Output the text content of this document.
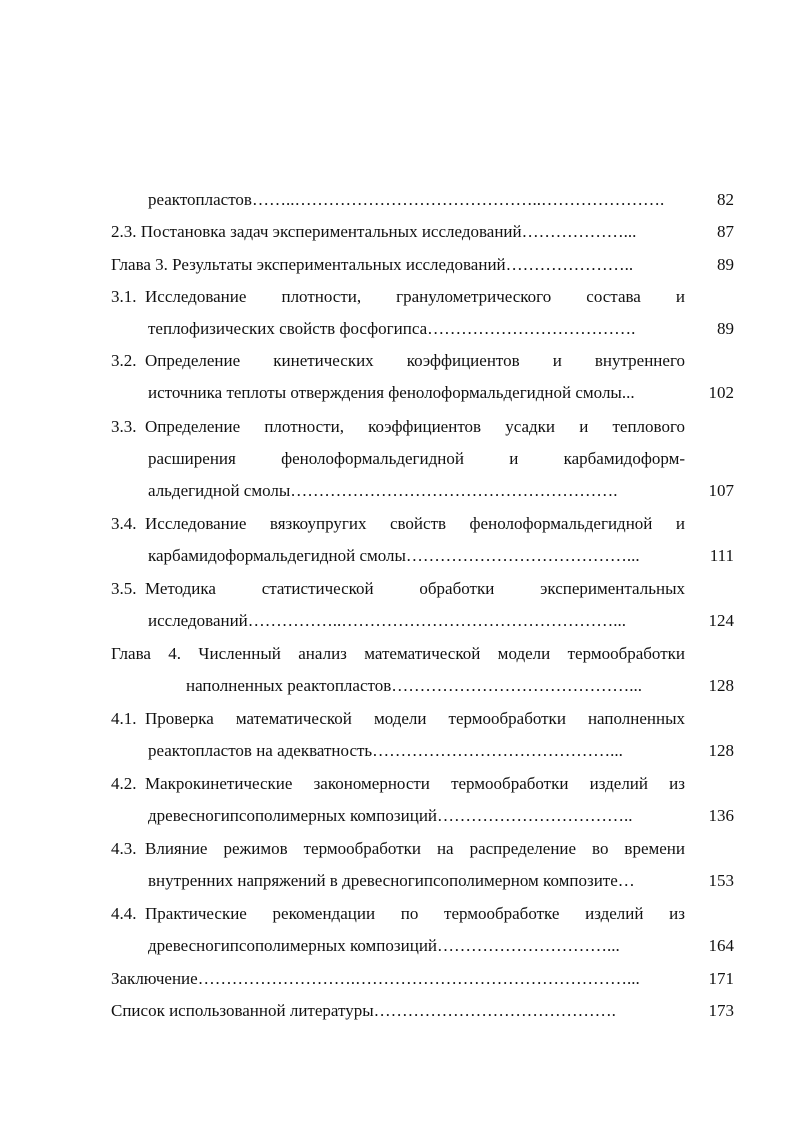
реактопластов……..……………………………………..………………….	82
2.3. Постановка задач экспериментальных исследований………………...	87
Глава 3. Результаты экспериментальных исследований…………………..	89
3.1. Исследование плотности, гранулометрического состава и
теплофизических свойств фосфогипса……………………………….	89
3.2. Определение кинетических коэффициентов и внутреннего
источника теплоты отверждения фенолоформальдегидной смолы...	102
3.3. Определение плотности, коэффициентов усадки и теплового
расширения фенолоформальдегидной и карбамидоформ-
альдегидной смолы………………………………………………….	107
3.4. Исследование вязкоупругих свойств фенолоформальдегидной и
карбамидоформальдегидной смолы…………………………………...	111
3.5. Методика статистической обработки экспериментальных
исследований……………..…………………………………………...	124
Глава 4. Численный анализ математической модели термообработки
наполненных реактопластов……………………………………...	128
4.1. Проверка математической модели термообработки наполненных
реактопластов на адекватность……………………………………...	128
4.2. Макрокинетические закономерности термообработки изделий из
древесногипсополимерных композиций……………………………..	136
4.3. Влияние режимов термообработки на распределение во времени
внутренних напряжений в древесногипсополимерном композите…	153
4.4. Практические рекомендации по термообработке изделий из
древесногипсополимерных композиций…………………………...	164
Заключение……………………….…………………………………………...	171
Список использованной литературы…………………………………….	173
